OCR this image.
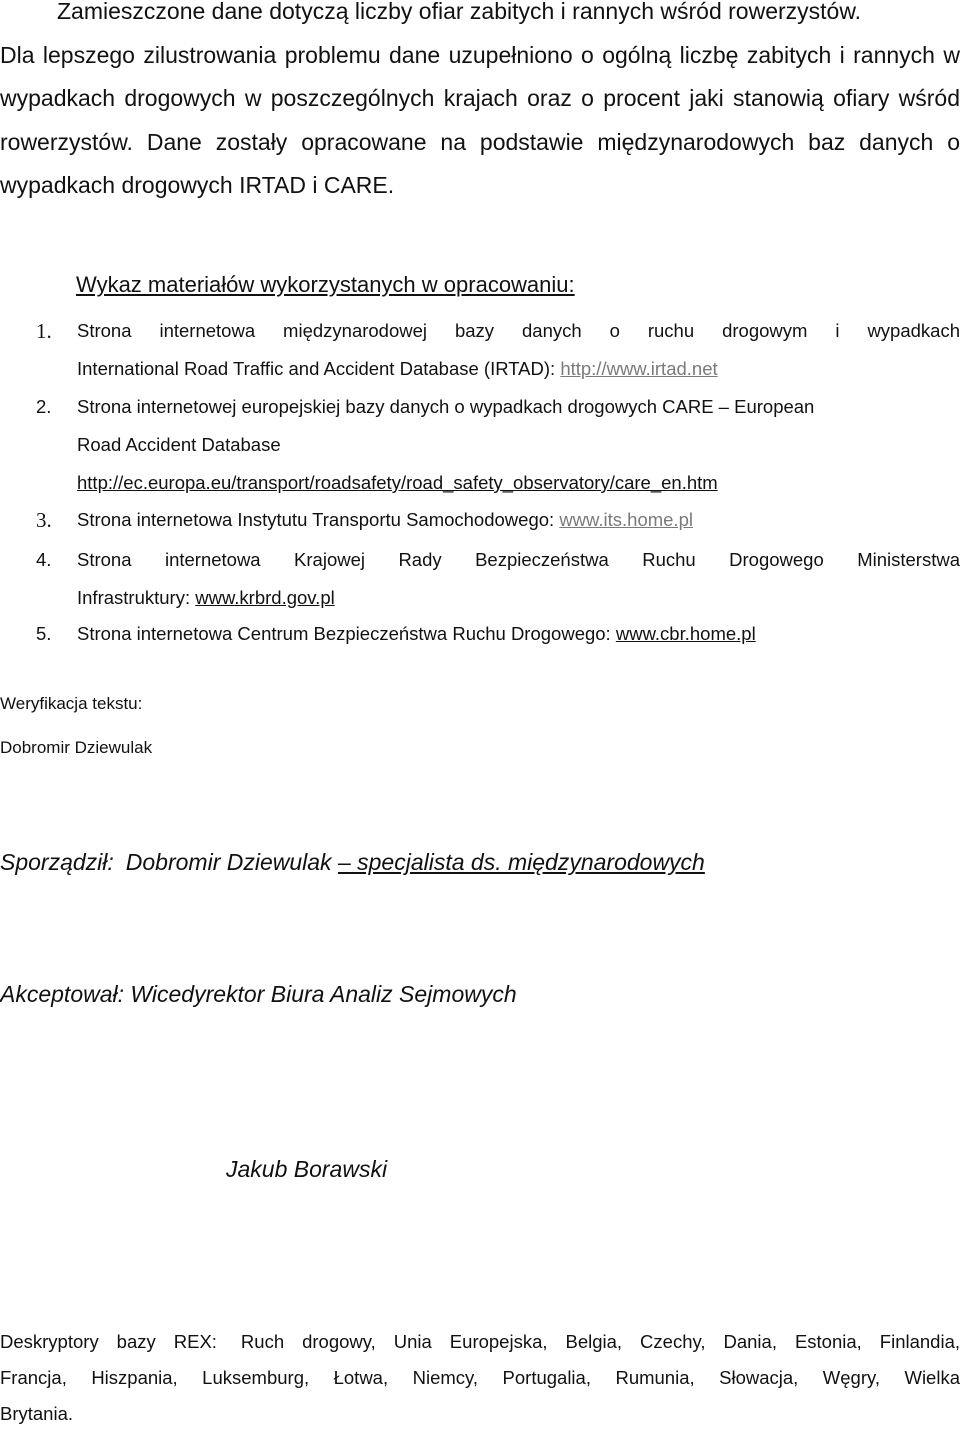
Zamieszczone dane dotyczą liczby ofiar zabitych i rannych wśród rowerzystów.
Dla lepszego zilustrowania problemu dane uzupełniono o ogólną liczbę zabitych i rannych w wypadkach drogowych w poszczególnych krajach oraz o procent jaki stanowią ofiary wśród rowerzystów. Dane zostały opracowane na podstawie międzynarodowych baz danych o wypadkach drogowych IRTAD i CARE.

Wykaz materiałów wykorzystanych w opracowaniu:
1. Strona internetowa międzynarodowej bazy danych o ruchu drogowym i wypadkach
International Road Traffic and Accident Database (IRTAD): http://www.irtad.net
2. Strona internetowej europejskiej bazy danych o wypadkach drogowych CARE – European
Road Accident Database
http://ec.europa.eu/transport/roadsafety/road_safety_observatory/care_en.htm
3. Strona internetowa Instytutu Transportu Samochodowego: www.its.home.pl
4. Strona internetowa Krajowej Rady Bezpieczeństwa Ruchu Drogowego Ministerstwa
Infrastruktury: www.krbrd.gov.pl
5. Strona internetowa Centrum Bezpieczeństwa Ruchu Drogowego: www.cbr.home.pl

Weryfikacja tekstu:

Dobromir Dziewulak

Sporządził: Dobromir Dziewulak – specjalista ds. międzynarodowych

Akceptował: Wicedyrektor Biura Analiz Sejmowych

Jakub Borawski

Deskryptory bazy REX: Ruch drogowy, Unia Europejska, Belgia, Czechy, Dania, Estonia, Finlandia,
Francja, Hiszpania, Luksemburg, Łotwa, Niemcy, Portugalia, Rumunia, Słowacja, Węgry, Wielka
Brytania.
